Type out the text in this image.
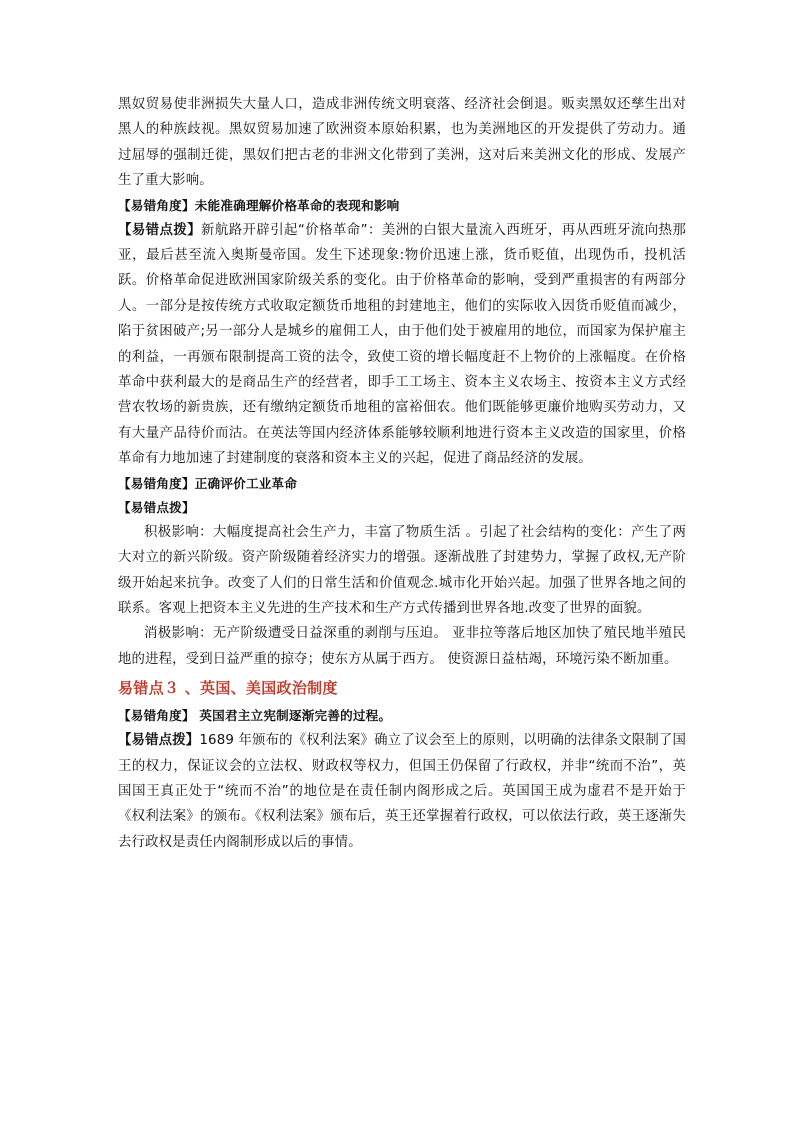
黑奴贸易使非洲损失大量人口，造成非洲传统文明衰落、经济社会倒退。贩卖黑奴还孳生出对黑人的种族歧视。黑奴贸易加速了欧洲资本原始积累，也为美洲地区的开发提供了劳动力。通过屈辱的强制迁徙，黑奴们把古老的非洲文化带到了美洲，这对后来美洲文化的形成、发展产生了重大影响。

【易错角度】未能准确理解价格革命的表现和影响

【易错点拨】新航路开辟引起“价格革命”：美洲的白银大量流入西班牙，再从西班牙流向热那亚，最后甚至流入奥斯曼帝国。发生下述现象:物价迅速上涨，货币贬值，出现伪币，投机活跃。价格革命促进欧洲国家阶级关系的变化。由于价格革命的影响，受到严重损害的有两部分人。一部分是按传统方式收取定额货币地租的封建地主，他们的实际收入因货币贬值而减少，陷于贫困破产;另一部分人是城乡的雇佣工人，由于他们处于被雇用的地位，而国家为保护雇主的利益，一再颁布限制提高工资的法令，致使工资的增长幅度赶不上物价的上涨幅度。在价格革命中获利最大的是商品生产的经营者，即手工工场主、资本主义农场主、按资本主义方式经营农牧场的新贵族，还有缴纳定额货币地租的富裕佃农。他们既能够更廉价地购买劳动力，又有大量产品待价而沽。在英法等国内经济体系能够较顺利地进行资本主义改造的国家里，价格革命有力地加速了封建制度的衰落和资本主义的兴起，促进了商品经济的发展。

【易错角度】正确评价工业革命

【易错点拨】

积极影响：大幅度提高社会生产力，丰富了物质生活 。引起了社会结构的变化：产生了两大对立的新兴阶级。资产阶级随着经济实力的增强。逐渐战胜了封建势力，掌握了政权,无产阶级开始起来抗争。改变了人们的日常生活和价值观念.城市化开始兴起。加强了世界各地之间的联系。客观上把资本主义先进的生产技术和生产方式传播到世界各地.改变了世界的面貌。

消极影响：无产阶级遭受日益深重的剥削与压迫。 亚非拉等落后地区加快了殖民地半殖民地的进程，受到日益严重的掠夺；使东方从属于西方。 使资源日益枯竭，环境污染不断加重。

易错点３ 、英国、美国政治制度

【易错角度】 英国君主立宪制逐渐完善的过程。

【易错点拨】1689 年颁布的《权利法案》确立了议会至上的原则，以明确的法律条文限制了国王的权力，保证议会的立法权、财政权等权力，但国王仍保留了行政权，并非“统而不治”，英国国王真正处于“统而不治”的地位是在责任制内阁形成之后。英国国王成为虚君不是开始于《权利法案》的颁布。《权利法案》颁布后，英王还掌握着行政权，可以依法行政，英王逐渐失去行政权是责任内阁制形成以后的事情。
